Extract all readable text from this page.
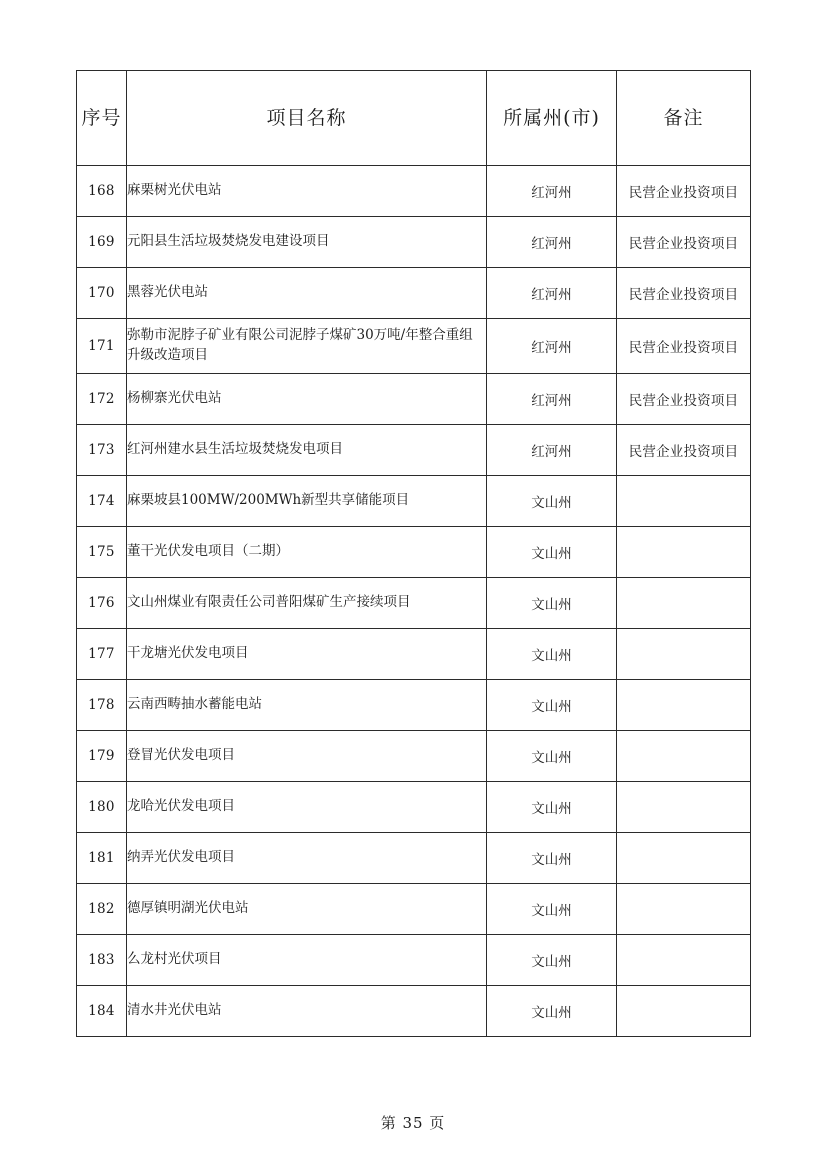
序号	项目名称	所属州(市)	备注

168	麻栗树光伏电站	红河州	民营企业投资项目

169	元阳县生活垃圾焚烧发电建设项目	红河州	民营企业投资项目

170	黑蓉光伏电站	红河州	民营企业投资项目

171	弥勒市泥脖子矿业有限公司泥脖子煤矿30万吨/年整合重组升级改造项目	红河州	民营企业投资项目

172	杨柳寨光伏电站	红河州	民营企业投资项目

173	红河州建水县生活垃圾焚烧发电项目	红河州	民营企业投资项目

174	麻栗坡县100MW/200MWh新型共享储能项目	文山州	

175	董干光伏发电项目（二期）	文山州	

176	文山州煤业有限责任公司普阳煤矿生产接续项目	文山州	

177	干龙塘光伏发电项目	文山州	

178	云南西畴抽水蓄能电站	文山州	

179	登冒光伏发电项目	文山州	

180	龙哈光伏发电项目	文山州	

181	纳弄光伏发电项目	文山州	

182	德厚镇明湖光伏电站	文山州	

183	么龙村光伏项目	文山州	

184	清水井光伏电站	文山州	

第 35 页
